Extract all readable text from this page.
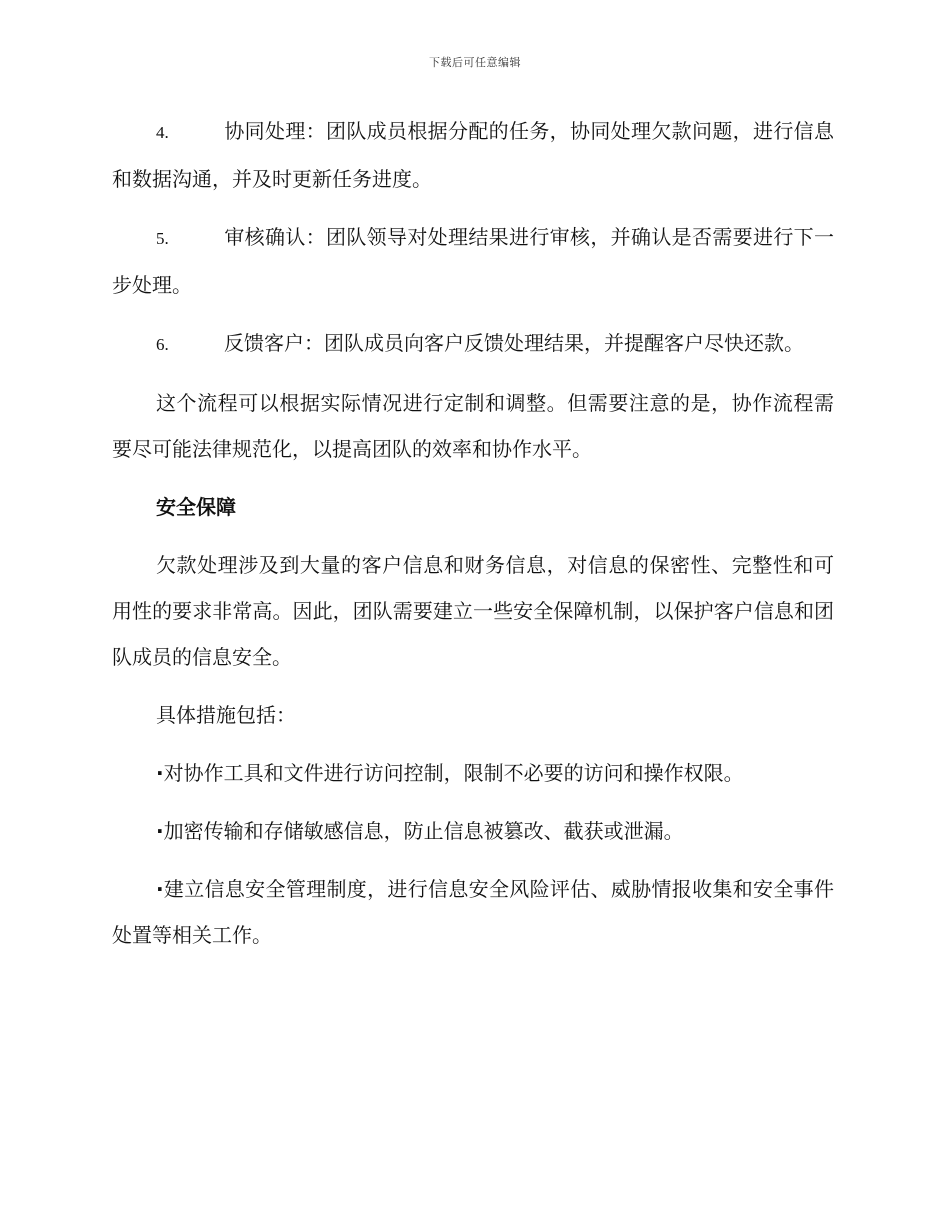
下载后可任意编辑

4.	协同处理：团队成员根据分配的任务，协同处理欠款问题，进行信息和数据沟通，并及时更新任务进度。

5.	审核确认：团队领导对处理结果进行审核，并确认是否需要进行下一步处理。

6.	反馈客户：团队成员向客户反馈处理结果，并提醒客户尽快还款。

这个流程可以根据实际情况进行定制和调整。但需要注意的是，协作流程需要尽可能法律规范化，以提高团队的效率和协作水平。

安全保障

欠款处理涉及到大量的客户信息和财务信息，对信息的保密性、完整性和可用性的要求非常高。因此，团队需要建立一些安全保障机制，以保护客户信息和团队成员的信息安全。

具体措施包括：

·对协作工具和文件进行访问控制，限制不必要的访问和操作权限。

·加密传输和存储敏感信息，防止信息被篡改、截获或泄漏。

·建立信息安全管理制度，进行信息安全风险评估、威胁情报收集和安全事件处置等相关工作。
